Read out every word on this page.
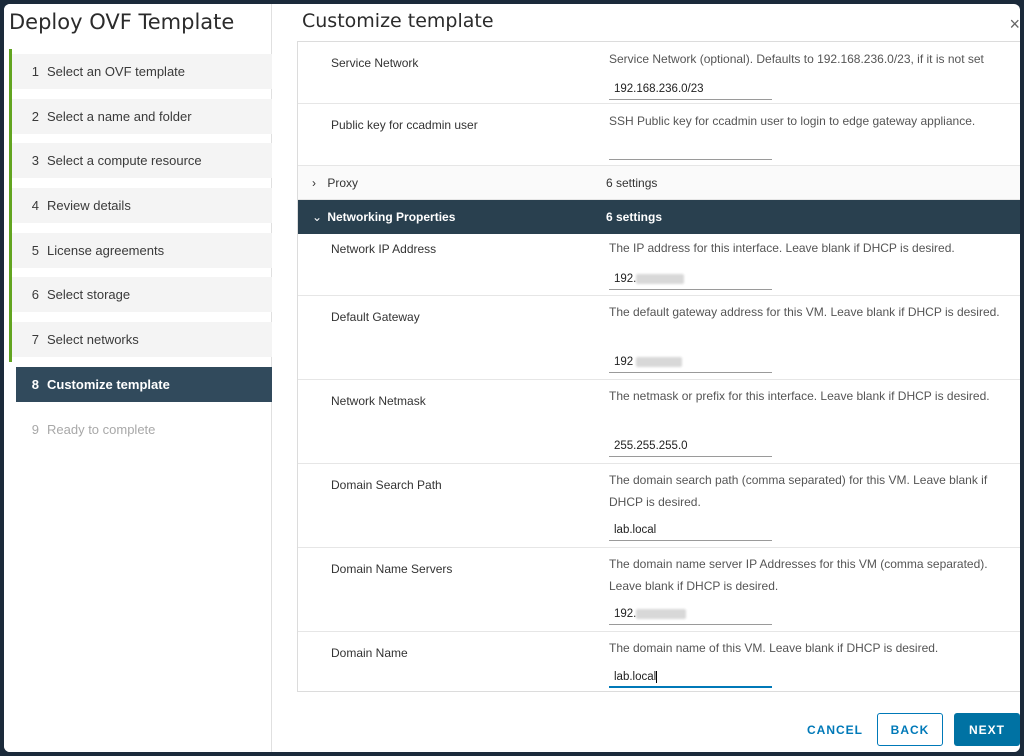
Deploy OVF Template
1 Select an OVF template
2 Select a name and folder
3 Select a compute resource
4 Review details
5 License agreements
6 Select storage
7 Select networks
8 Customize template
9 Ready to complete
Customize template	×
Service Network	Service Network (optional). Defaults to 192.168.236.0/23, if it is not set
192.168.236.0/23
Public key for ccadmin user	SSH Public key for ccadmin user to login to edge gateway appliance.
› Proxy	6 settings
⌄ Networking Properties	6 settings
Network IP Address	The IP address for this interface. Leave blank if DHCP is desired.
192.
Default Gateway	The default gateway address for this VM. Leave blank if DHCP is desired.
192
Network Netmask	The netmask or prefix for this interface. Leave blank if DHCP is desired.
255.255.255.0
Domain Search Path	The domain search path (comma separated) for this VM. Leave blank if DHCP is desired.
lab.local
Domain Name Servers	The domain name server IP Addresses for this VM (comma separated). Leave blank if DHCP is desired.
192.
Domain Name	The domain name of this VM. Leave blank if DHCP is desired.
lab.local
CANCEL	BACK	NEXT
